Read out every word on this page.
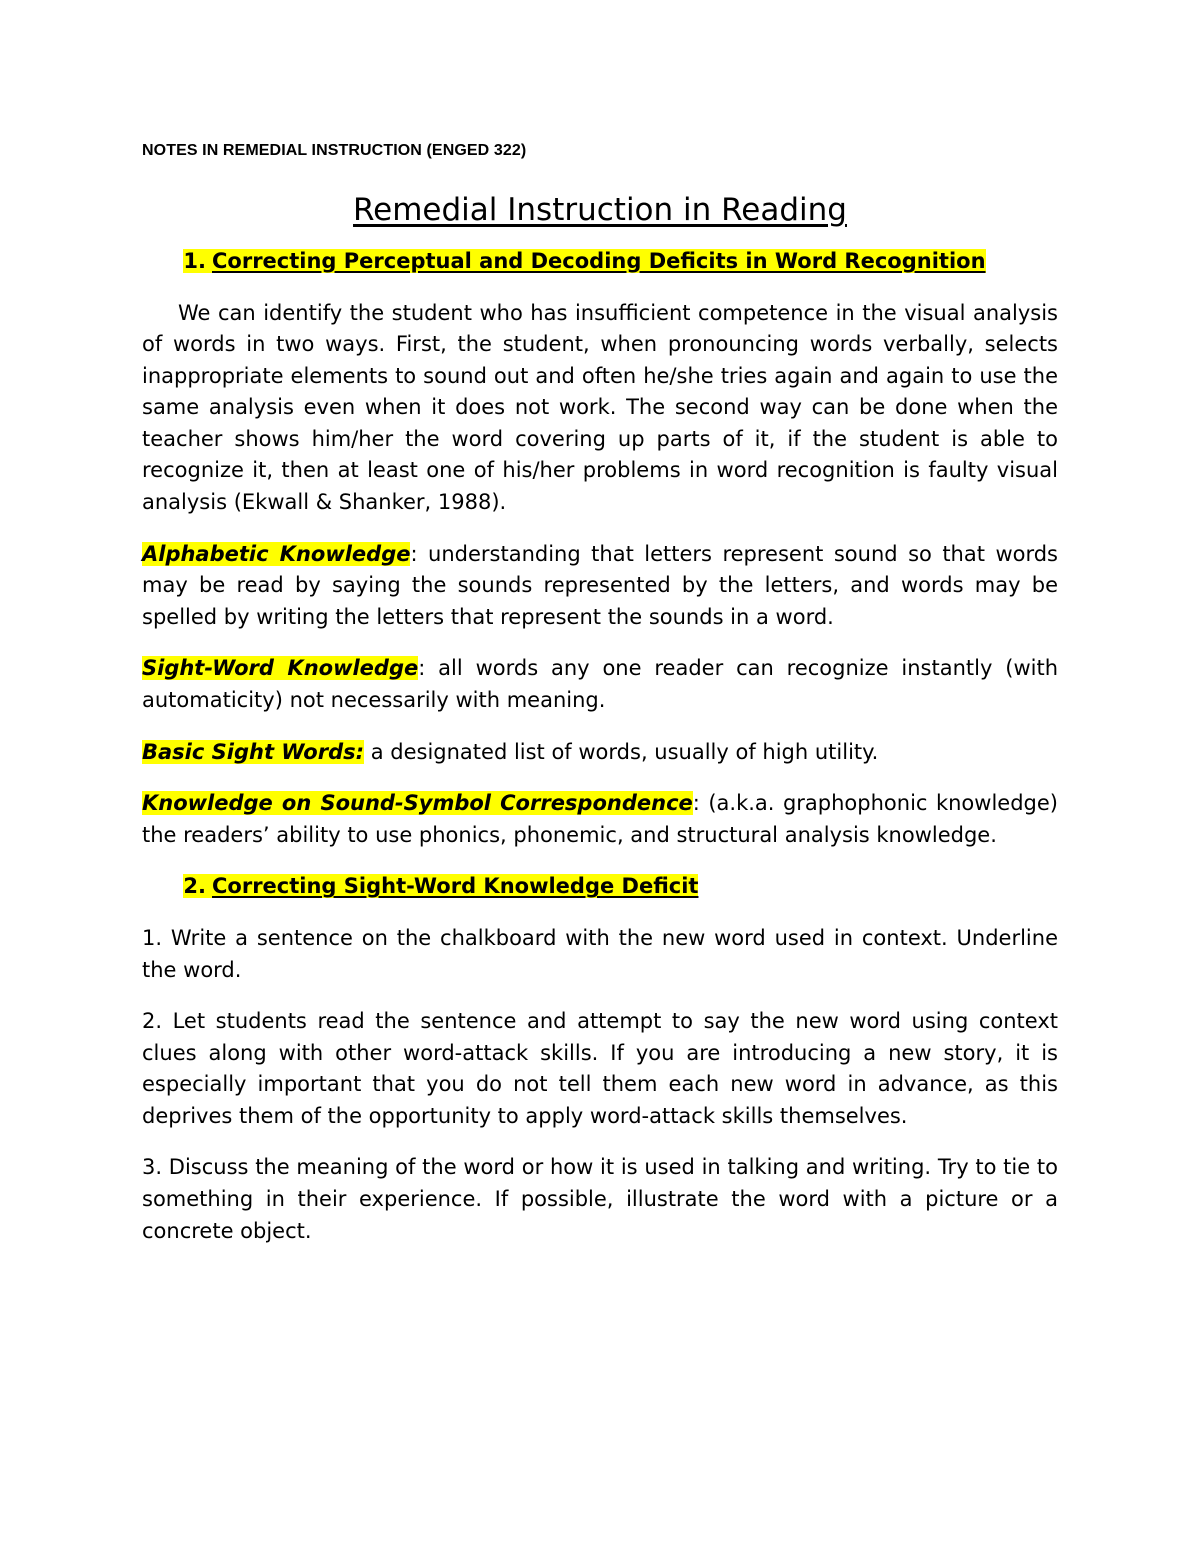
NOTES IN REMEDIAL INSTRUCTION (ENGED 322)
Remedial Instruction in Reading
1. Correcting Perceptual and Decoding Deficits in Word Recognition

We can identify the student who has insufficient competence in the visual analysis of words in two ways. First, the student, when pronouncing words verbally, selects inappropriate elements to sound out and often he/she tries again and again to use the same analysis even when it does not work. The second way can be done when the teacher shows him/her the word covering up parts of it, if the student is able to recognize it, then at least one of his/her problems in word recognition is faulty visual analysis (Ekwall & Shanker, 1988).

Alphabetic Knowledge: understanding that letters represent sound so that words may be read by saying the sounds represented by the letters, and words may be spelled by writing the letters that represent the sounds in a word.

Sight-Word Knowledge: all words any one reader can recognize instantly (with automaticity) not necessarily with meaning.

Basic Sight Words: a designated list of words, usually of high utility.

Knowledge on Sound-Symbol Correspondence: (a.k.a. graphophonic knowledge) the readers’ ability to use phonics, phonemic, and structural analysis knowledge.

2. Correcting Sight-Word Knowledge Deficit

1. Write a sentence on the chalkboard with the new word used in context. Underline the word.

2. Let students read the sentence and attempt to say the new word using context clues along with other word-attack skills. If you are introducing a new story, it is especially important that you do not tell them each new word in advance, as this deprives them of the opportunity to apply word-attack skills themselves.

3. Discuss the meaning of the word or how it is used in talking and writing. Try to tie to something in their experience. If possible, illustrate the word with a picture or a concrete object.
